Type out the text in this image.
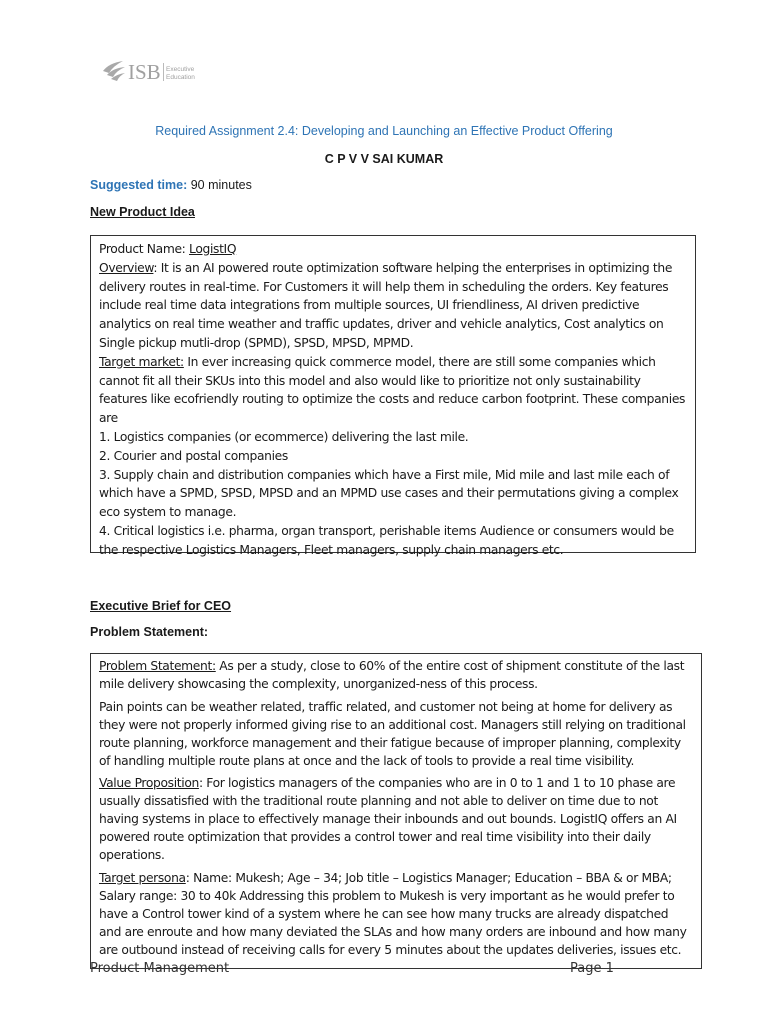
ISB Executive
Education
Required Assignment 2.4: Developing and Launching an Effective Product Offering
C P V V SAI KUMAR
Suggested time: 90 minutes
New Product Idea

Product Name: LogistIQ

Overview: It is an AI powered route optimization software helping the enterprises in optimizing the delivery routes in real-time. For Customers it will help them in scheduling the orders. Key features include real time data integrations from multiple sources, UI friendliness, AI driven predictive analytics on real time weather and traffic updates, driver and vehicle analytics, Cost analytics on Single pickup mutli-drop (SPMD), SPSD, MPSD, MPMD.

Target market: In ever increasing quick commerce model, there are still some companies which cannot fit all their SKUs into this model and also would like to prioritize not only sustainability features like ecofriendly routing to optimize the costs and reduce carbon footprint. These companies are

1. Logistics companies (or ecommerce) delivering the last mile.

2. Courier and postal companies

3. Supply chain and distribution companies which have a First mile, Mid mile and last mile each of which have a SPMD, SPSD, MPSD and an MPMD use cases and their permutations giving a complex eco system to manage.

4. Critical logistics i.e. pharma, organ transport, perishable items Audience or consumers would be the respective Logistics Managers, Fleet managers, supply chain managers etc.

Executive Brief for CEO
Problem Statement:

Problem Statement: As per a study, close to 60% of the entire cost of shipment constitute of the last mile delivery showcasing the complexity, unorganized-ness of this process.

Pain points can be weather related, traffic related, and customer not being at home for delivery as they were not properly informed giving rise to an additional cost. Managers still relying on traditional route planning, workforce management and their fatigue because of improper planning, complexity of handling multiple route plans at once and the lack of tools to provide a real time visibility.

Value Proposition: For logistics managers of the companies who are in 0 to 1 and 1 to 10 phase are usually dissatisfied with the traditional route planning and not able to deliver on time due to not having systems in place to effectively manage their inbounds and out bounds. LogistIQ offers an AI powered route optimization that provides a control tower and real time visibility into their daily operations.

Target persona: Name: Mukesh; Age – 34; Job title – Logistics Manager; Education – BBA & or MBA; Salary range: 30 to 40k Addressing this problem to Mukesh is very important as he would prefer to have a Control tower kind of a system where he can see how many trucks are already dispatched and are enroute and how many deviated the SLAs and how many orders are inbound and how many are outbound instead of receiving calls for every 5 minutes about the updates deliveries, issues etc.

Product Management	Page 1
